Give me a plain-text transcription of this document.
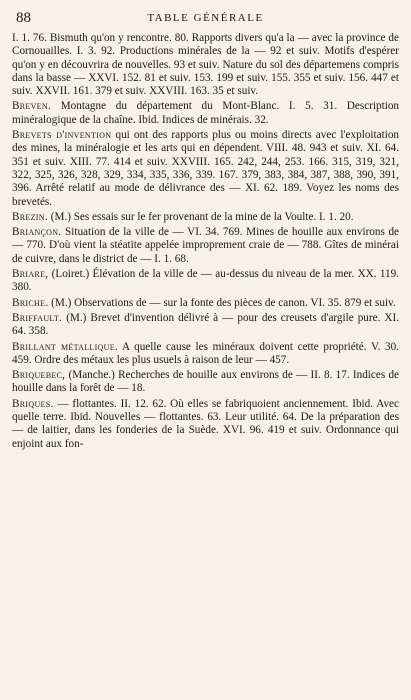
88	TABLE GÉNÉRALE

I. 1. 76. Bismuth qu'on y rencontre. 80. Rapports divers qu'a la — avec la province de Cornouailles. I. 3. 92. Productions minérales de la — 92 et suiv. Motifs d'espérer qu'on y en découvrira de nouvelles. 93 et suiv. Nature du sol des départemens compris dans la basse — XXVI. 152. 81 et suiv. 153. 199 et suiv. 155. 355 et suiv. 156. 447 et suiv. XXVII. 161. 379 et suiv. XXVIII. 163. 35 et suiv.

Breven. Montagne du département du Mont-Blanc. I. 5. 31. Description minéralogique de la chaîne. Ibid. Indices de minérais. 32.

Brevets d'invention qui ont des rapports plus ou moins directs avec l'exploitation des mines, la minéralogie et les arts qui en dépendent. VIII. 48. 943 et suiv. XI. 64. 351 et suiv. XIII. 77. 414 et suiv. XXVIII. 165. 242, 244, 253. 166. 315, 319, 321, 322, 325, 326, 328, 329, 334, 335, 336, 339. 167. 379, 383, 384, 387, 388, 390, 391, 396. Arrêté relatif au mode de délivrance des — XI. 62. 189. Voyez les noms des brevetés.

Brezin. (M.) Ses essais sur le fer provenant de la mine de la Voulte. I. 1. 20.

Briançon. Situation de la ville de — VI. 34. 769. Mines de houille aux environs de — 770. D'où vient la stéatite appelée improprement craie de — 788. Gîtes de minérai de cuivre, dans le district de — I. 1. 68.

Briare, (Loiret.) Élévation de la ville de — au-dessus du niveau de la mer. XX. 119. 380.

Briche. (M.) Observations de — sur la fonte des pièces de canon. VI. 35. 879 et suiv.

Briffault. (M.) Brevet d'invention délivré à — pour des creusets d'argile pure. XI. 64. 358.

Brillant métallique. A quelle cause les minéraux doivent cette propriété. V. 30. 459. Ordre des métaux les plus usuels à raison de leur — 457.

Briquebec, (Manche.) Recherches de houille aux environs de — II. 8. 17. Indices de houille dans la forêt de — 18.

Briques. — flottantes. II. 12. 62. Où elles se fabriquoient anciennement. Ibid. Avec quelle terre. Ibid. Nouvelles — flottantes. 63. Leur utilité. 64. De la préparation des — de laitier, dans les fonderies de la Suède. XVI. 96. 419 et suiv. Ordonnance qui enjoint aux fon-
